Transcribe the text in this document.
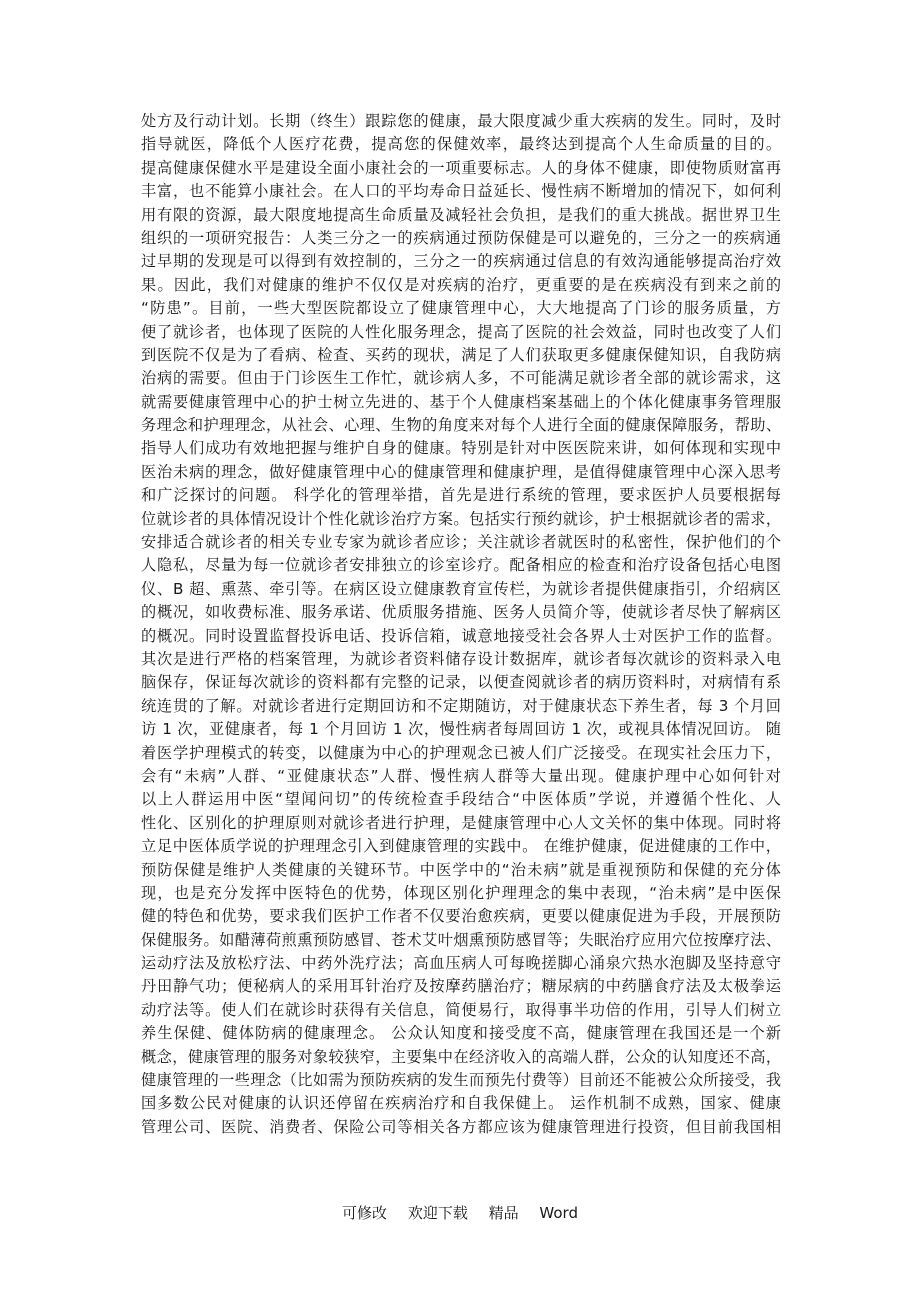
处方及行动计划。长期（终生）跟踪您的健康，最大限度减少重大疾病的发生。同时，及时
指导就医，降低个人医疗花费，提高您的保健效率，最终达到提高个人生命质量的目的。
提高健康保健水平是建设全面小康社会的一项重要标志。人的身体不健康，即使物质财富再
丰富，也不能算小康社会。在人口的平均寿命日益延长、慢性病不断增加的情况下，如何利
用有限的资源，最大限度地提高生命质量及减轻社会负担，是我们的重大挑战。据世界卫生
组织的一项研究报告：人类三分之一的疾病通过预防保健是可以避免的，三分之一的疾病通
过早期的发现是可以得到有效控制的，三分之一的疾病通过信息的有效沟通能够提高治疗效
果。因此，我们对健康的维护不仅仅是对疾病的治疗，更重要的是在疾病没有到来之前的
“防患”。目前，一些大型医院都设立了健康管理中心，大大地提高了门诊的服务质量，方
便了就诊者，也体现了医院的人性化服务理念，提高了医院的社会效益，同时也改变了人们
到医院不仅是为了看病、检查、买药的现状，满足了人们获取更多健康保健知识，自我防病
治病的需要。但由于门诊医生工作忙，就诊病人多，不可能满足就诊者全部的就诊需求，这
就需要健康管理中心的护士树立先进的、基于个人健康档案基础上的个体化健康事务管理服
务理念和护理理念，从社会、心理、生物的角度来对每个人进行全面的健康保障服务，帮助、
指导人们成功有效地把握与维护自身的健康。特别是针对中医医院来讲，如何体现和实现中
医治未病的理念，做好健康管理中心的健康管理和健康护理，是值得健康管理中心深入思考
和广泛探讨的问题。 科学化的管理举措，首先是进行系统的管理，要求医护人员要根据每
位就诊者的具体情况设计个性化就诊治疗方案。包括实行预约就诊，护士根据就诊者的需求，
安排适合就诊者的相关专业专家为就诊者应诊；关注就诊者就医时的私密性，保护他们的个
人隐私，尽量为每一位就诊者安排独立的诊室诊疗。配备相应的检查和治疗设备包括心电图
仪、B 超、熏蒸、牵引等。在病区设立健康教育宣传栏，为就诊者提供健康指引，介绍病区
的概况，如收费标准、服务承诺、优质服务措施、医务人员简介等，使就诊者尽快了解病区
的概况。同时设置监督投诉电话、投诉信箱，诚意地接受社会各界人士对医护工作的监督。
其次是进行严格的档案管理，为就诊者资料储存设计数据库，就诊者每次就诊的资料录入电
脑保存，保证每次就诊的资料都有完整的记录，以便查阅就诊者的病历资料时，对病情有系
统连贯的了解。对就诊者进行定期回访和不定期随访，对于健康状态下养生者，每 3 个月回
访 1 次，亚健康者，每 1 个月回访 1 次，慢性病者每周回访 1 次，或视具体情况回访。 随
着医学护理模式的转变，以健康为中心的护理观念已被人们广泛接受。在现实社会压力下，
会有“未病”人群、“亚健康状态”人群、慢性病人群等大量出现。健康护理中心如何针对
以上人群运用中医“望闻问切”的传统检查手段结合“中医体质”学说，并遵循个性化、人
性化、区别化的护理原则对就诊者进行护理，是健康管理中心人文关怀的集中体现。同时将
立足中医体质学说的护理理念引入到健康管理的实践中。 在维护健康，促进健康的工作中，
预防保健是维护人类健康的关键环节。中医学中的“治未病”就是重视预防和保健的充分体
现，也是充分发挥中医特色的优势，体现区别化护理理念的集中表现，“治未病”是中医保
健的特色和优势，要求我们医护工作者不仅要治愈疾病，更要以健康促进为手段，开展预防
保健服务。如醋薄荷煎熏预防感冒、苍术艾叶烟熏预防感冒等；失眠治疗应用穴位按摩疗法、
运动疗法及放松疗法、中药外洗疗法；高血压病人可每晚搓脚心涌泉穴热水泡脚及坚持意守
丹田静气功；便秘病人的采用耳针治疗及按摩药膳治疗；糖尿病的中药膳食疗法及太极拳运
动疗法等。使人们在就诊时获得有关信息，简便易行，取得事半功倍的作用，引导人们树立
养生保健、健体防病的健康理念。 公众认知度和接受度不高，健康管理在我国还是一个新
概念，健康管理的服务对象较狭窄，主要集中在经济收入的高端人群，公众的认知度还不高，
健康管理的一些理念（比如需为预防疾病的发生而预先付费等）目前还不能被公众所接受，我
国多数公民对健康的认识还停留在疾病治疗和自我保健上。 运作机制不成熟，国家、健康
管理公司、医院、消费者、保险公司等相关各方都应该为健康管理进行投资，但目前我国相
可修改 欢迎下载 精品 Word
